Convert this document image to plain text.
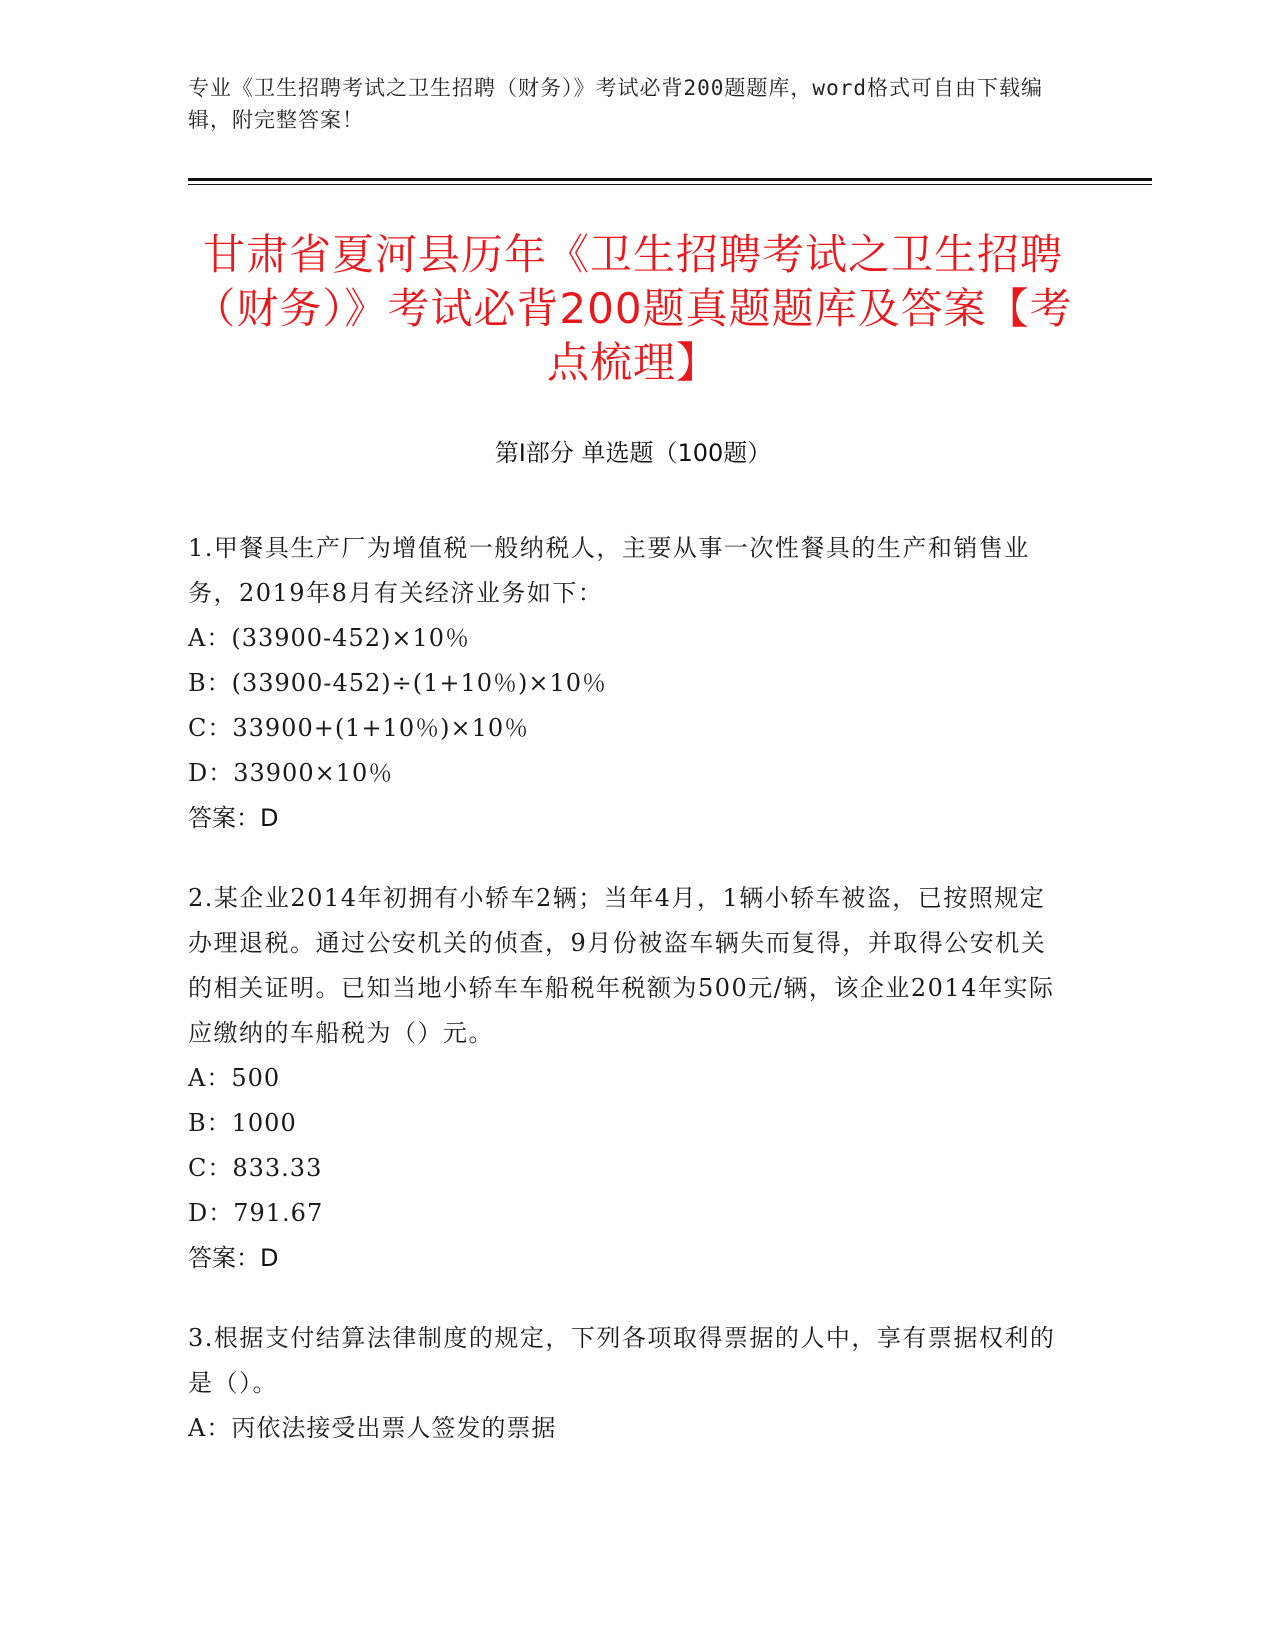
专业《卫生招聘考试之卫生招聘（财务）》考试必背200题题库，word格式可自由下载编辑，附完整答案！
甘肃省夏河县历年《卫生招聘考试之卫生招聘（财务）》考试必背200题真题题库及答案【考点梳理】
第Ⅰ部分 单选题（100题）

1.甲餐具生产厂为增值税一般纳税人，主要从事一次性餐具的生产和销售业务，2019年8月有关经济业务如下：

A：(33900-452)×10％

B：(33900-452)÷(1+10％)×10％

C：33900+(1+10％)×10％

D：33900×10％

答案：D

2.某企业2014年初拥有小轿车2辆；当年4月，1辆小轿车被盗，已按照规定办理退税。通过公安机关的侦查，9月份被盗车辆失而复得，并取得公安机关的相关证明。已知当地小轿车车船税年税额为500元/辆，该企业2014年实际应缴纳的车船税为（）元。

A：500

B：1000

C：833.33

D：791.67

答案：D

3.根据支付结算法律制度的规定，下列各项取得票据的人中，享有票据权利的是（）。

A：丙依法接受出票人签发的票据
